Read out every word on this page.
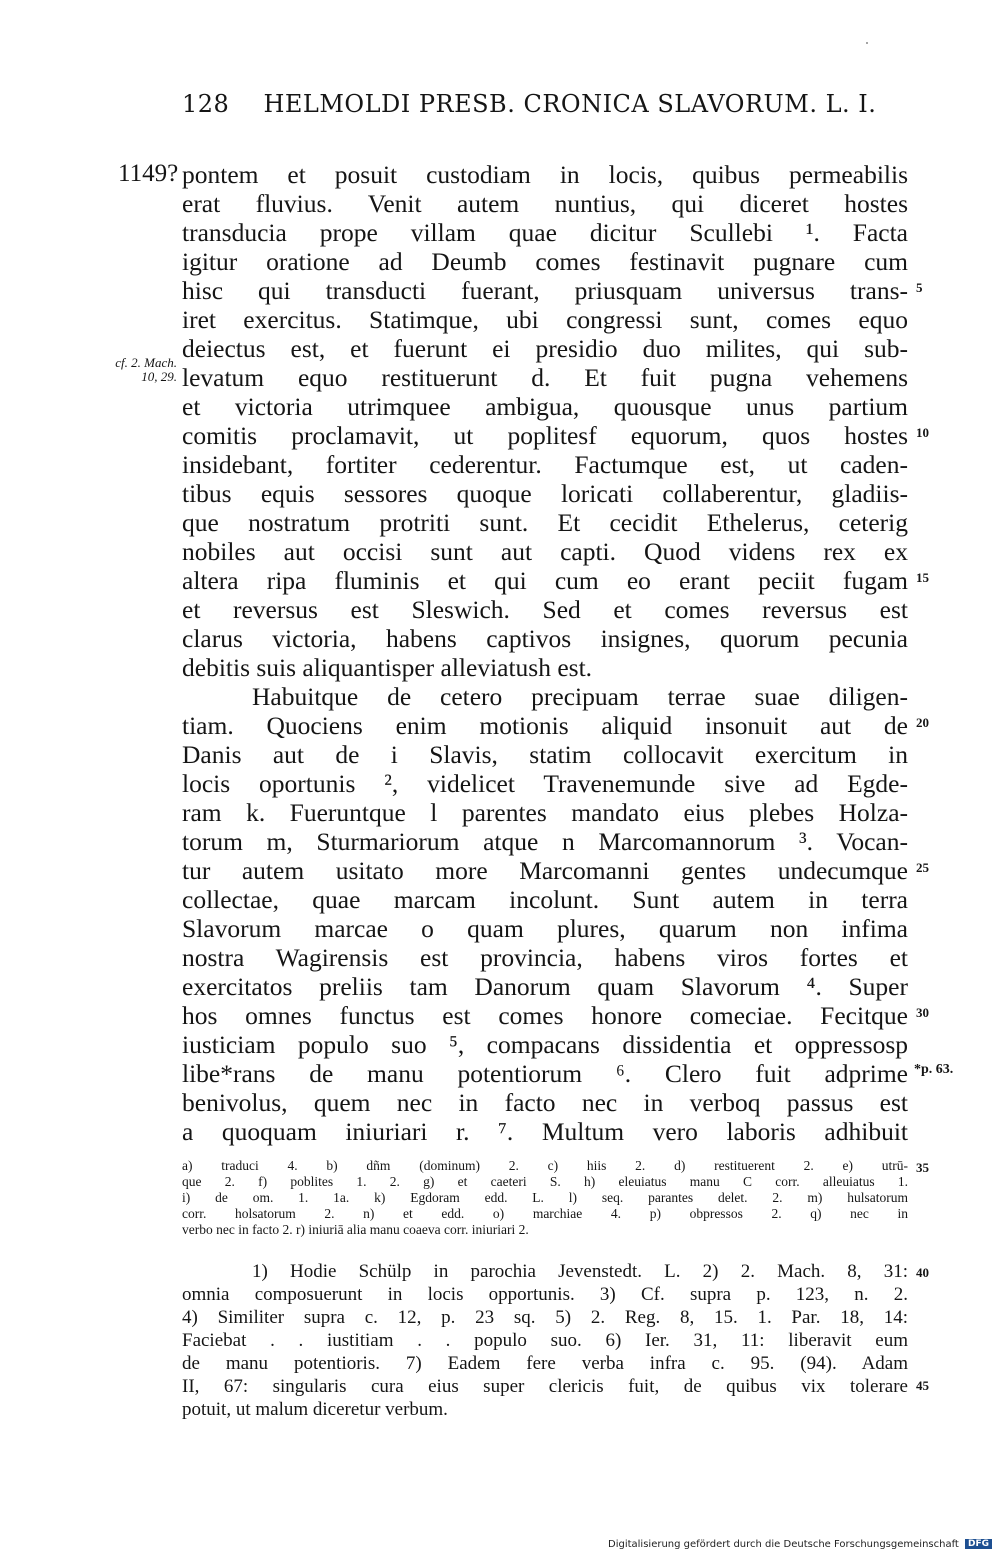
128 HELMOLDI PRESB. CRONICA SLAVORUM. L. I.
1149?
cf. 2. Mach.
10, 29.
*p. 63.
pontem et posuit custodiam in locis, quibus permeabilis
erat fluvius. Venit autem nuntius, qui diceret hostes
transducia prope villam quae dicitur Scullebi ¹. Facta
igitur oratione ad Deumb comes festinavit pugnare cum
hisc qui transducti fuerant, priusquam universus trans-
iret exercitus. Statimque, ubi congressi sunt, comes equo
deiectus est, et fuerunt ei presidio duo milites, qui sub-
levatum equo restituerunt d. Et fuit pugna vehemens
et victoria utrimquee ambigua, quousque unus partium
comitis proclamavit, ut poplitesf equorum, quos hostes
insidebant, fortiter cederentur. Factumque est, ut caden-
tibus equis sessores quoque loricati collaberentur, gladiis-
que nostratum protriti sunt. Et cecidit Ethelerus, ceterig
nobiles aut occisi sunt aut capti. Quod videns rex ex
altera ripa fluminis et qui cum eo erant peciit fugam
et reversus est Sleswich. Sed et comes reversus est
clarus victoria, habens captivos insignes, quorum pecunia
debitis suis aliquantisper alleviatush est.
Habuitque de cetero precipuam terrae suae diligen-
tiam. Quociens enim motionis aliquid insonuit aut de
Danis aut de i Slavis, statim collocavit exercitum in
locis oportunis ², videlicet Travenemunde sive ad Egde-
ram k. Fueruntque l parentes mandato eius plebes Holza-
torum m, Sturmariorum atque n Marcomannorum ³. Vocan-
tur autem usitato more Marcomanni gentes undecumque
collectae, quae marcam incolunt. Sunt autem in terra
Slavorum marcae o quam plures, quarum non infima
nostra Wagirensis est provincia, habens viros fortes et
exercitatos preliis tam Danorum quam Slavorum ⁴. Super
hos omnes functus est comes honore comeciae. Fecitque
iusticiam populo suo ⁵, compacans dissidentia et oppressosp
libe*rans de manu potentiorum ⁶. Clero fuit adprime
benivolus, quem nec in facto nec in verboq passus est
a quoquam iniuriari r. ⁷. Multum vero laboris adhibuit
5
10
15
20
25
30
35
40
45
a) traduci 4. b) dñm (dominum) 2. c) hiis 2. d) restituerent 2. e) utrū-
que 2. f) poblites 1. 2. g) et caeteri S. h) eleuiatus manu C corr. alleuiatus 1.
i) de om. 1. 1a. k) Egdoram edd. L. l) seq. parantes delet. 2. m) hulsatorum
corr. holsatorum 2. n) et edd. o) marchiae 4. p) obpressos 2. q) nec in
verbo nec in facto 2. r) iniuriā alia manu coaeva corr. iniuriari 2.
1) Hodie Schülp in parochia Jevenstedt. L. 2) 2. Mach. 8, 31:
omnia composuerunt in locis opportunis. 3) Cf. supra p. 123, n. 2.
4) Similiter supra c. 12, p. 23 sq. 5) 2. Reg. 8, 15. 1. Par. 18, 14:
Faciebat . . iustitiam . . populo suo. 6) Ier. 31, 11: liberavit eum
de manu potentioris. 7) Eadem fere verba infra c. 95. (94). Adam
II, 67: singularis cura eius super clericis fuit, de quibus vix tolerare
potuit, ut malum diceretur verbum.
Digitalisierung gefördert durch die Deutsche Forschungsgemeinschaft DFG
